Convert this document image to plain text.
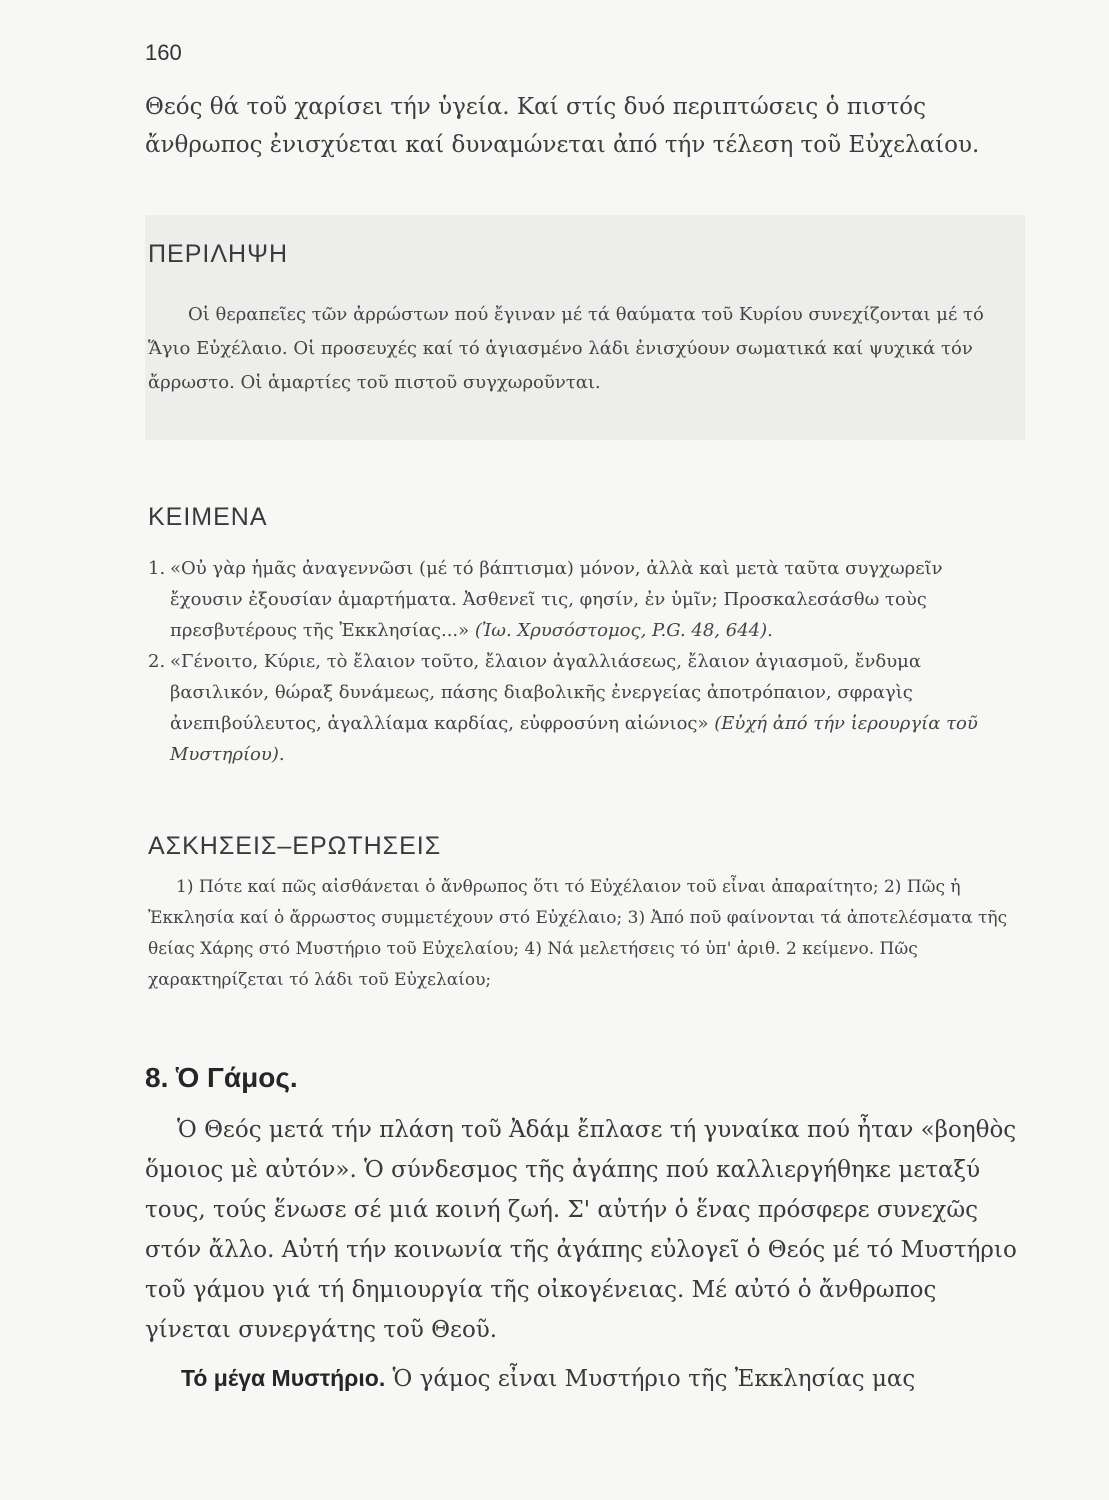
160

Θεός θά τοῦ χαρίσει τήν ὑγεία. Καί στίς δυό περιπτώσεις ὁ πιστός ἄνθρωπος ἐνισχύεται καί δυναμώνεται ἀπό τήν τέλεση τοῦ Εὐχελαίου.

ΠΕΡΙΛΗΨΗ

Οἱ θεραπεῖες τῶν ἀρρώστων πού ἔγιναν μέ τά θαύματα τοῦ Κυρίου συνεχίζονται μέ τό Ἅγιο Εὐχέλαιο. Οἱ προσευχές καί τό ἁγιασμένο λάδι ἐνισχύουν σωματικά καί ψυχικά τόν ἄρρωστο. Οἱ ἁμαρτίες τοῦ πιστοῦ συγχωροῦνται.

ΚΕΙΜΕΝΑ
1. «Οὐ γὰρ ἡμᾶς ἀναγεννῶσι (μέ τό βάπτισμα) μόνον, ἀλλὰ καὶ μετὰ ταῦτα συγχωρεῖν ἔχουσιν ἐξουσίαν ἁμαρτήματα. Ἀσθενεῖ τις, φησίν, ἐν ὑμῖν; Προσκαλεσάσθω τοὺς πρεσβυτέρους τῆς Ἐκκλησίας...» (Ἰω. Χρυσόστομος, P.G. 48, 644).
2. «Γένοιτο, Κύριε, τὸ ἔλαιον τοῦτο, ἔλαιον ἀγαλλιάσεως, ἔλαιον ἁγιασμοῦ, ἔνδυμα βασιλικόν, θώραξ δυνάμεως, πάσης διαβολικῆς ἐνεργείας ἀποτρόπαιον, σφραγὶς ἀνεπιβούλευτος, ἀγαλλίαμα καρδίας, εὐφροσύνη αἰώνιος» (Εὐχή ἀπό τήν ἱερουργία τοῦ Μυστηρίου).
ΑΣΚΗΣΕΙΣ–ΕΡΩΤΗΣΕΙΣ

1) Πότε καί πῶς αἰσθάνεται ὁ ἄνθρωπος ὅτι τό Εὐχέλαιον τοῦ εἶναι ἀπαραίτητο; 2) Πῶς ἡ Ἐκκλησία καί ὁ ἄρρωστος συμμετέχουν στό Εὐχέλαιο; 3) Ἀπό ποῦ φαίνονται τά ἀποτελέσματα τῆς θείας Χάρης στό Μυστήριο τοῦ Εὐχελαίου; 4) Νά μελετήσεις τό ὑπ' ἀριθ. 2 κείμενο. Πῶς χαρακτηρίζεται τό λάδι τοῦ Εὐχελαίου;

8. Ὁ Γάμος.

Ὁ Θεός μετά τήν πλάση τοῦ Ἀδάμ ἔπλασε τή γυναίκα πού ἦταν «βοηθὸς ὅμοιος μὲ αὐτόν». Ὁ σύνδεσμος τῆς ἀγάπης πού καλλιεργήθηκε μεταξύ τους, τούς ἕνωσε σέ μιά κοινή ζωή. Σ' αὐτήν ὁ ἕνας πρόσφερε συνεχῶς στόν ἄλλο. Αὐτή τήν κοινωνία τῆς ἀγάπης εὐλογεῖ ὁ Θεός μέ τό Μυστήριο τοῦ γάμου γιά τή δημιουργία τῆς οἰκογένειας. Μέ αὐτό ὁ ἄνθρωπος γίνεται συνεργάτης τοῦ Θεοῦ.

Τό μέγα Μυστήριο. Ὁ γάμος εἶναι Μυστήριο τῆς Ἐκκλησίας μας
